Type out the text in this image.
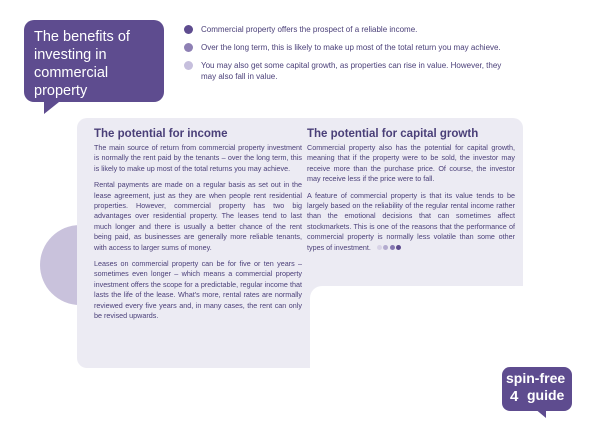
The benefits of investing in commercial property
Commercial property offers the prospect of a reliable income.
Over the long term, this is likely to make up most of the total return you may achieve.
You may also get some capital growth, as properties can rise in value. However, they may also fall in value.
The potential for income

The main source of return from commercial property investment is normally the rent paid by the tenants – over the long term, this is likely to make up most of the total returns you may achieve.

Rental payments are made on a regular basis as set out in the lease agreement, just as they are when people rent residential properties. However, commercial property has two big advantages over residential property. The leases tend to last much longer and there is usually a better chance of the rent being paid, as businesses are generally more reliable tenants, with access to larger sums of money.

Leases on commercial property can be for five or ten years – sometimes even longer – which means a commercial property investment offers the scope for a predictable, regular income that lasts the life of the lease. What's more, rental rates are normally reviewed every five years and, in many cases, the rent can only be revised upwards.

The potential for capital growth

Commercial property also has the potential for capital growth, meaning that if the property were to be sold, the investor may receive more than the purchase price. Of course, the investor may receive less if the price were to fall.

A feature of commercial property is that its value tends to be largely based on the reliability of the regular rental income rather than the emotional decisions that can sometimes affect stockmarkets. This is one of the reasons that the performance of commercial property is normally less volatile than some other types of investment.

spin-free
4 guide
